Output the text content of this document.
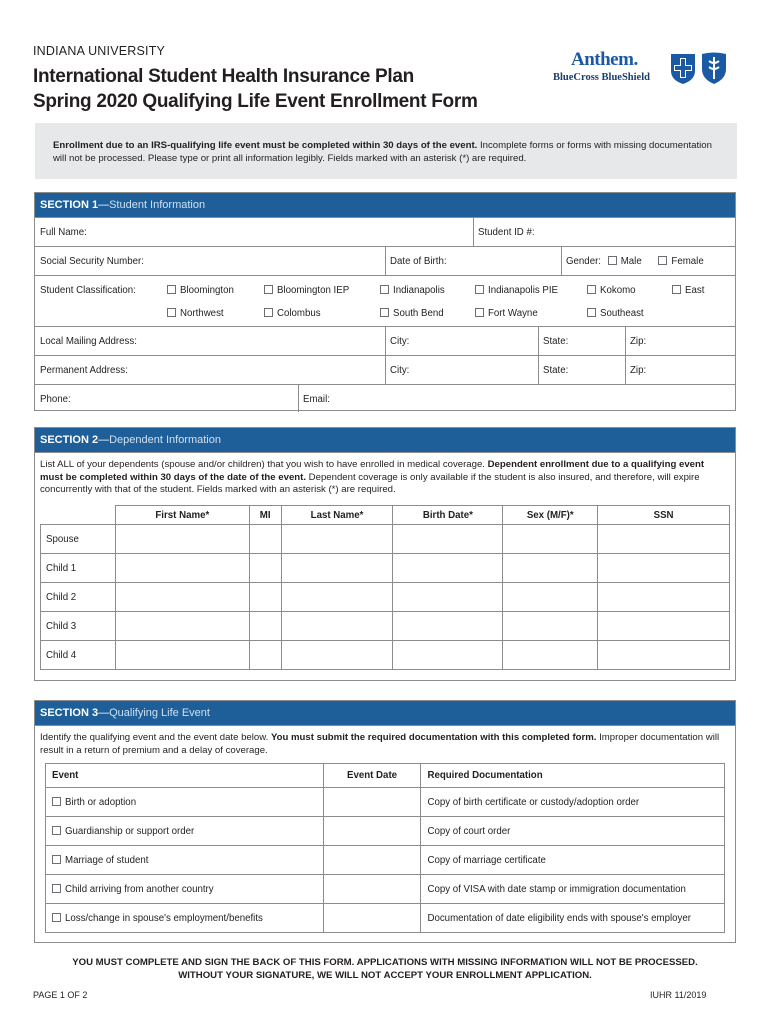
INDIANA UNIVERSITY
International Student Health Insurance Plan
Spring 2020 Qualifying Life Event Enrollment Form
Anthem.
BlueCross BlueShield
Enrollment due to an IRS-qualifying life event must be completed within 30 days of the event. Incomplete forms or forms with missing documentation will not be processed. Please type or print all information legibly. Fields marked with an asterisk (*) are required.
SECTION 1—Student Information
Full Name:	Student ID #:
Social Security Number:	Date of Birth:	Gender: Male	Female
Student Classification:	Bloomington	Bloomington IEP	Indianapolis	Indianapolis PIE	Kokomo	East
Northwest	Colombus	South Bend	Fort Wayne	Southeast
Local Mailing Address:	City:	State:	Zip:
Permanent Address:	City:	State:	Zip:
Phone:	Email:
SECTION 2—Dependent Information
List ALL of your dependents (spouse and/or children) that you wish to have enrolled in medical coverage. Dependent enrollment due to a qualifying event must be completed within 30 days of the date of the event. Dependent coverage is only available if the student is also insured, and therefore, will expire concurrently with that of the student. Fields marked with an asterisk (*) are required.
	First Name*	MI	Last Name*	Birth Date*	Sex (M/F)*	SSN
Spouse						
Child 1						
Child 2						
Child 3						
Child 4						
SECTION 3—Qualifying Life Event
Identify the qualifying event and the event date below. You must submit the required documentation with this completed form. Improper documentation will result in a return of premium and a delay of coverage.
Event	Event Date	Required Documentation
Birth or adoption		Copy of birth certificate or custody/adoption order
Guardianship or support order		Copy of court order
Marriage of student		Copy of marriage certificate
Child arriving from another country		Copy of VISA with date stamp or immigration documentation
Loss/change in spouse's employment/benefits		Documentation of date eligibility ends with spouse's employer
YOU MUST COMPLETE AND SIGN THE BACK OF THIS FORM. APPLICATIONS WITH MISSING INFORMATION WILL NOT BE PROCESSED.
WITHOUT YOUR SIGNATURE, WE WILL NOT ACCEPT YOUR ENROLLMENT APPLICATION.
PAGE 1 OF 2	IUHR 11/2019
